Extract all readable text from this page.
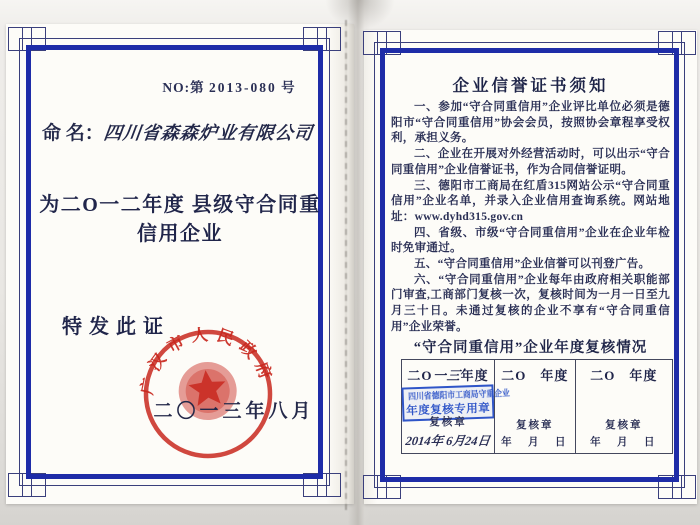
NO:第 2013-080 号
命 名：四川省森森炉业有限公司
为二O一二年度 县级守合同重信用企业
特发此证
广汉市人民政府
二〇一三年八月
企业信誉证书须知

一、参加“守合同重信用”企业评比单位必须是德阳市“守合同重信用”协会会员，按照协会章程享受权利，承担义务。

二、企业在开展对外经营活动时，可以出示“守合同重信用”企业信誉证书，作为合同信誉证明。

三、德阳市工商局在红盾315网站公示“守合同重信用”企业名单，并录入企业信用查询系统。网站地址：www.dyhd315.gov.cn

四、省级、市级“守合同重信用”企业在企业年检时免审通过。

五、“守合同重信用”企业信誉可以刊登广告。

六、“守合同重信用”企业每年由政府相关职能部门审查,工商部门复核一次，复核时间为一月一日至九月三十日。未通过复核的企业不享有“守合同重信用”企业荣誉。

“守合同重信用”企业年度复核情况
二O一三年度
四川省德阳市工商局守重企业
年度复核专用章
复核章
2014年 6月24日
二O 年度
复核章
年　月　日
二O 年度
复核章
年　月　日
